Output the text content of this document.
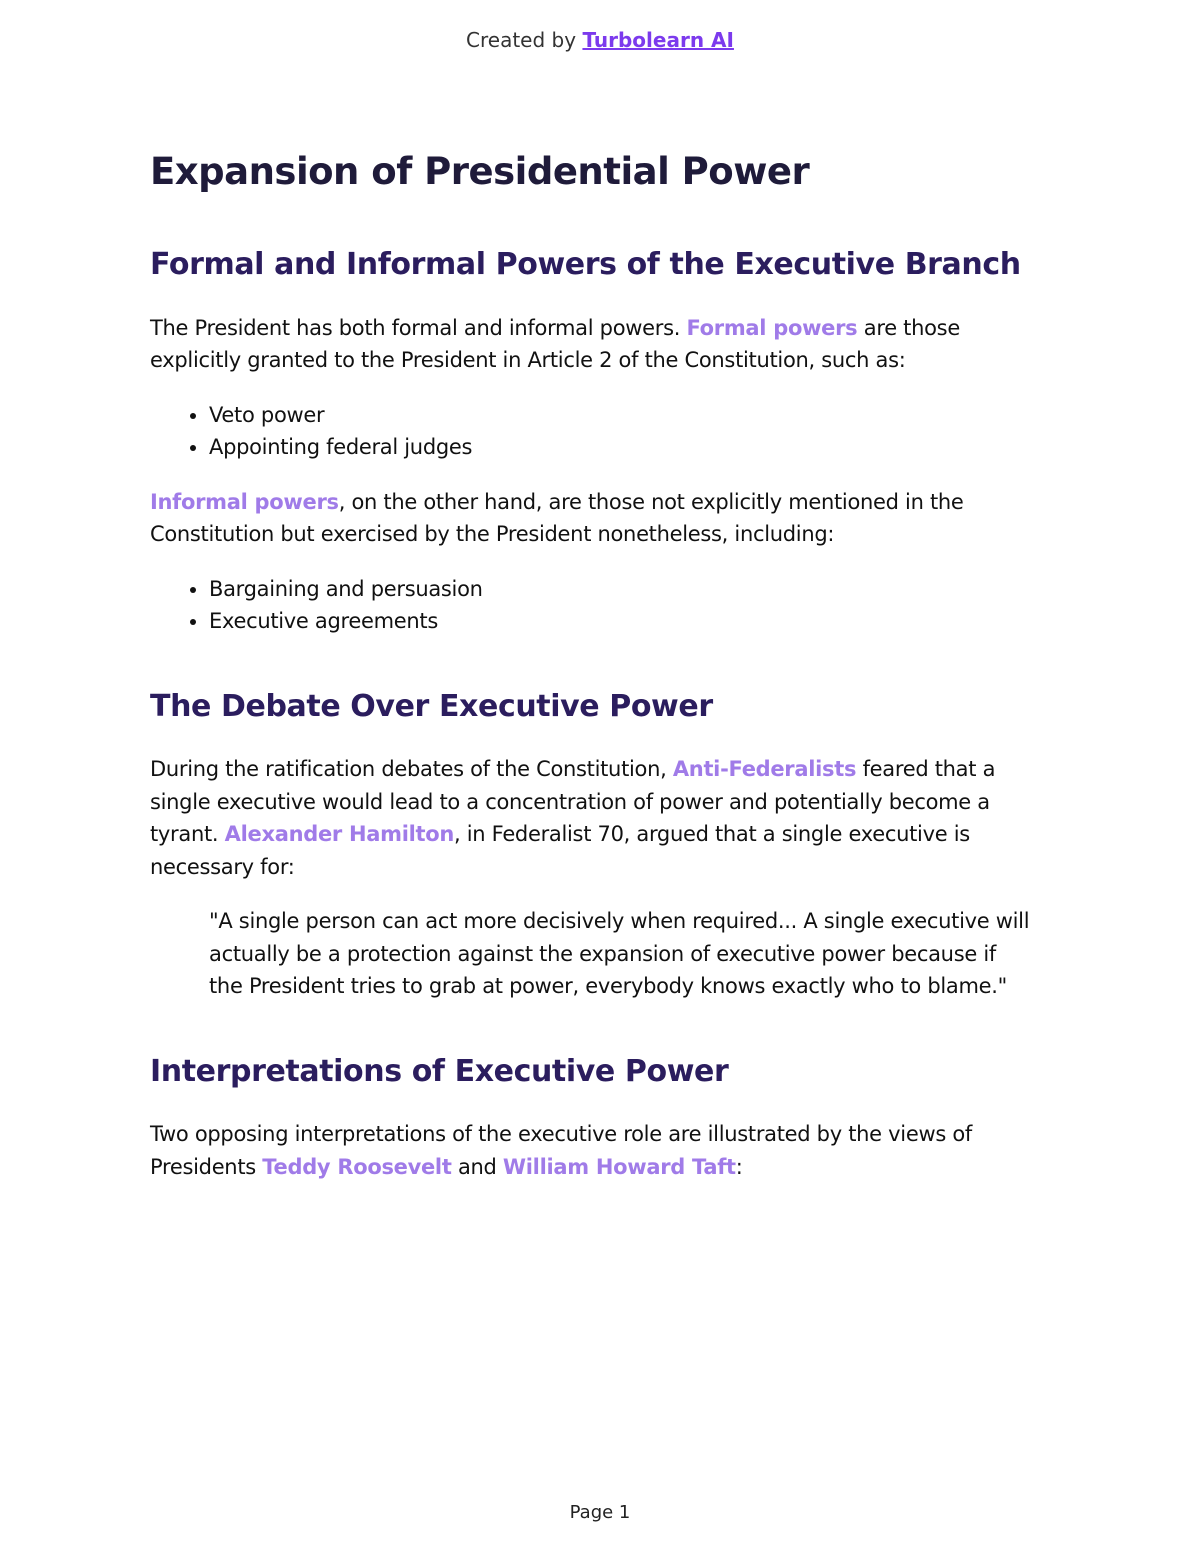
Created by Turbolearn AI
Expansion of Presidential Power
Formal and Informal Powers of the Executive Branch

The President has both formal and informal powers. Formal powers are those explicitly granted to the President in Article 2 of the Constitution, such as:

• Veto power
• Appointing federal judges

Informal powers, on the other hand, are those not explicitly mentioned in the Constitution but exercised by the President nonetheless, including:

• Bargaining and persuasion
• Executive agreements
The Debate Over Executive Power

During the ratification debates of the Constitution, Anti-Federalists feared that a single executive would lead to a concentration of power and potentially become a tyrant. Alexander Hamilton, in Federalist 70, argued that a single executive is necessary for:

"A single person can act more decisively when required... A single executive will actually be a protection against the expansion of executive power because if the President tries to grab at power, everybody knows exactly who to blame."
Interpretations of Executive Power

Two opposing interpretations of the executive role are illustrated by the views of Presidents Teddy Roosevelt and William Howard Taft:

Page 1
